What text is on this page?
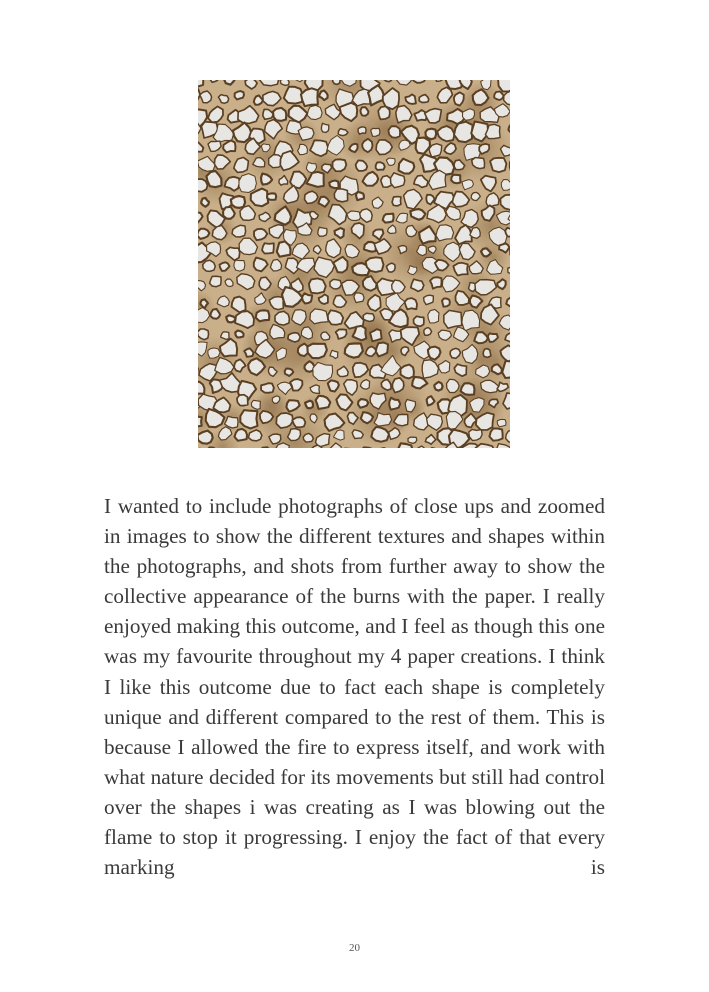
I wanted to include photographs of close ups and zoomed in images to show the different textures and shapes within the photographs, and shots from further away to show the collective appearance of the burns with the paper. I really enjoyed making this outcome, and I feel as though this one was my favourite throughout my 4 paper creations. I think I like this outcome due to fact each shape is completely unique and different compared to the rest of them. This is because I allowed the fire to express itself, and work with what nature decided for its movements but still had control over the shapes i was creating as I was blowing out the flame to stop it progressing. I enjoy the fact of that every marking is

20
